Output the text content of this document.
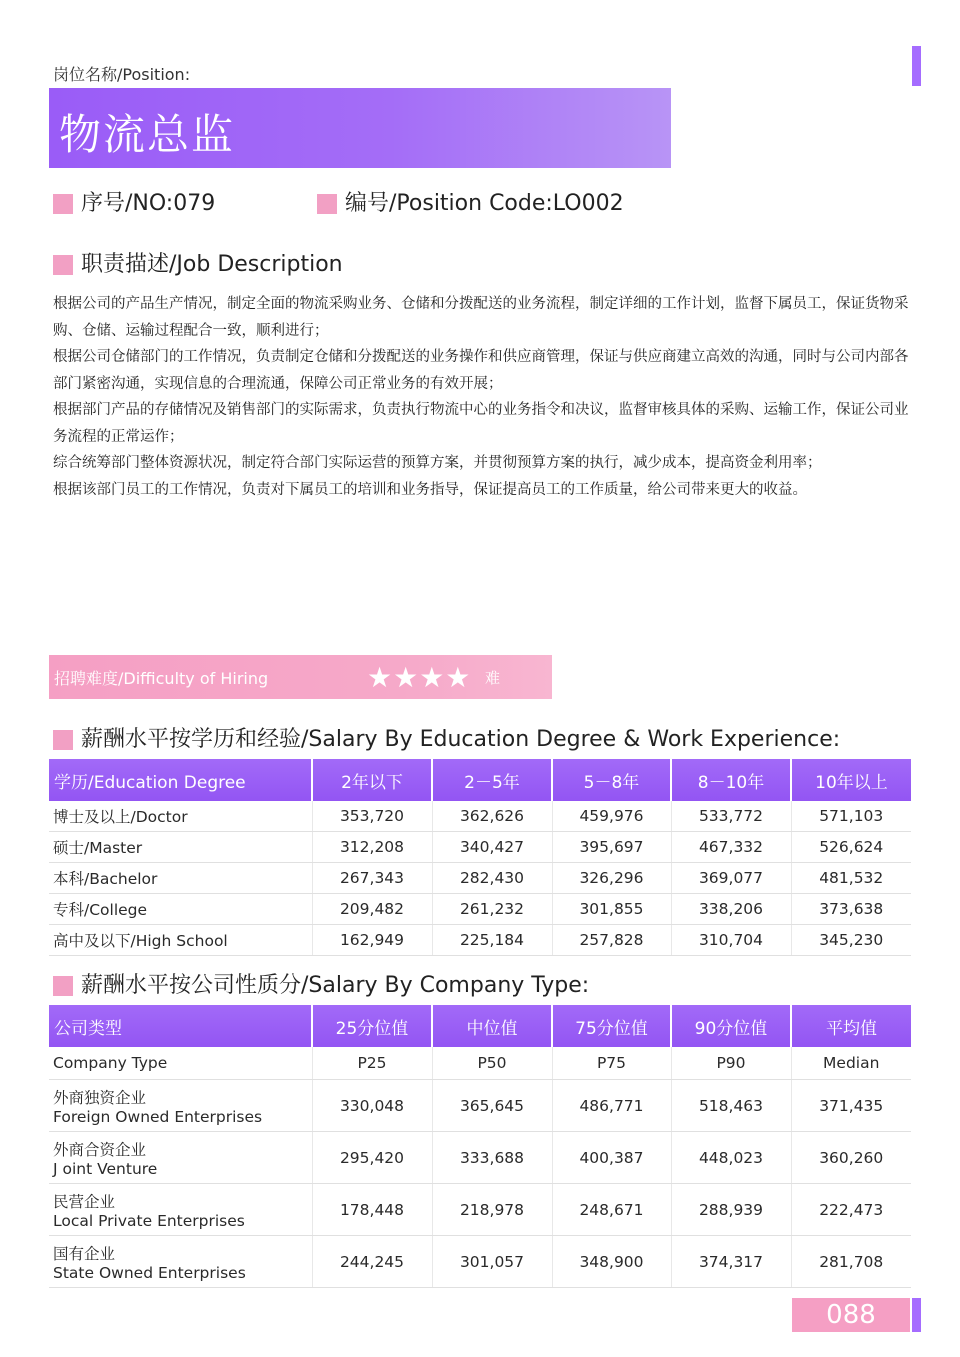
岗位名称/Position:
物流总监
序号/NO:079	编号/Position Code:LO002
职责描述/Job Description
根据公司的产品生产情况，制定全面的物流采购业务、仓储和分拨配送的业务流程，制定详细的工作计划，监督下属员工，保证货物采购、仓储、运输过程配合一致，顺利进行；
根据公司仓储部门的工作情况，负责制定仓储和分拨配送的业务操作和供应商管理，保证与供应商建立高效的沟通，同时与公司内部各部门紧密沟通，实现信息的合理流通，保障公司正常业务的有效开展；
根据部门产品的存储情况及销售部门的实际需求，负责执行物流中心的业务指令和决议，监督审核具体的采购、运输工作，保证公司业务流程的正常运作；
综合统筹部门整体资源状况，制定符合部门实际运营的预算方案，并贯彻预算方案的执行，减少成本，提高资金利用率；
根据该部门员工的工作情况，负责对下属员工的培训和业务指导，保证提高员工的工作质量，给公司带来更大的收益。
招聘难度/Difficulty of Hiring	★★★★ 难
薪酬水平按学历和经验/Salary By Education Degree & Work Experience:
学历/Education Degree	2年以下	2－5年	5－8年	8－10年	10年以上
博士及以上/Doctor	353,720	362,626	459,976	533,772	571,103
硕士/Master	312,208	340,427	395,697	467,332	526,624
本科/Bachelor	267,343	282,430	326,296	369,077	481,532
专科/College	209,482	261,232	301,855	338,206	373,638
高中及以下/High School	162,949	225,184	257,828	310,704	345,230
薪酬水平按公司性质分/Salary By Company Type:
公司类型	25分位值	中位值	75分位值	90分位值	平均值
Company Type	P25	P50	P75	P90	Median

外商独资企业
Foreign Owned Enterprises	330,048	365,645	486,771	518,463	371,435

外商合资企业
J oint Venture	295,420	333,688	400,387	448,023	360,260

民营企业
Local Private Enterprises	178,448	218,978	248,671	288,939	222,473

国有企业
State Owned Enterprises	244,245	301,057	348,900	374,317	281,708
088
